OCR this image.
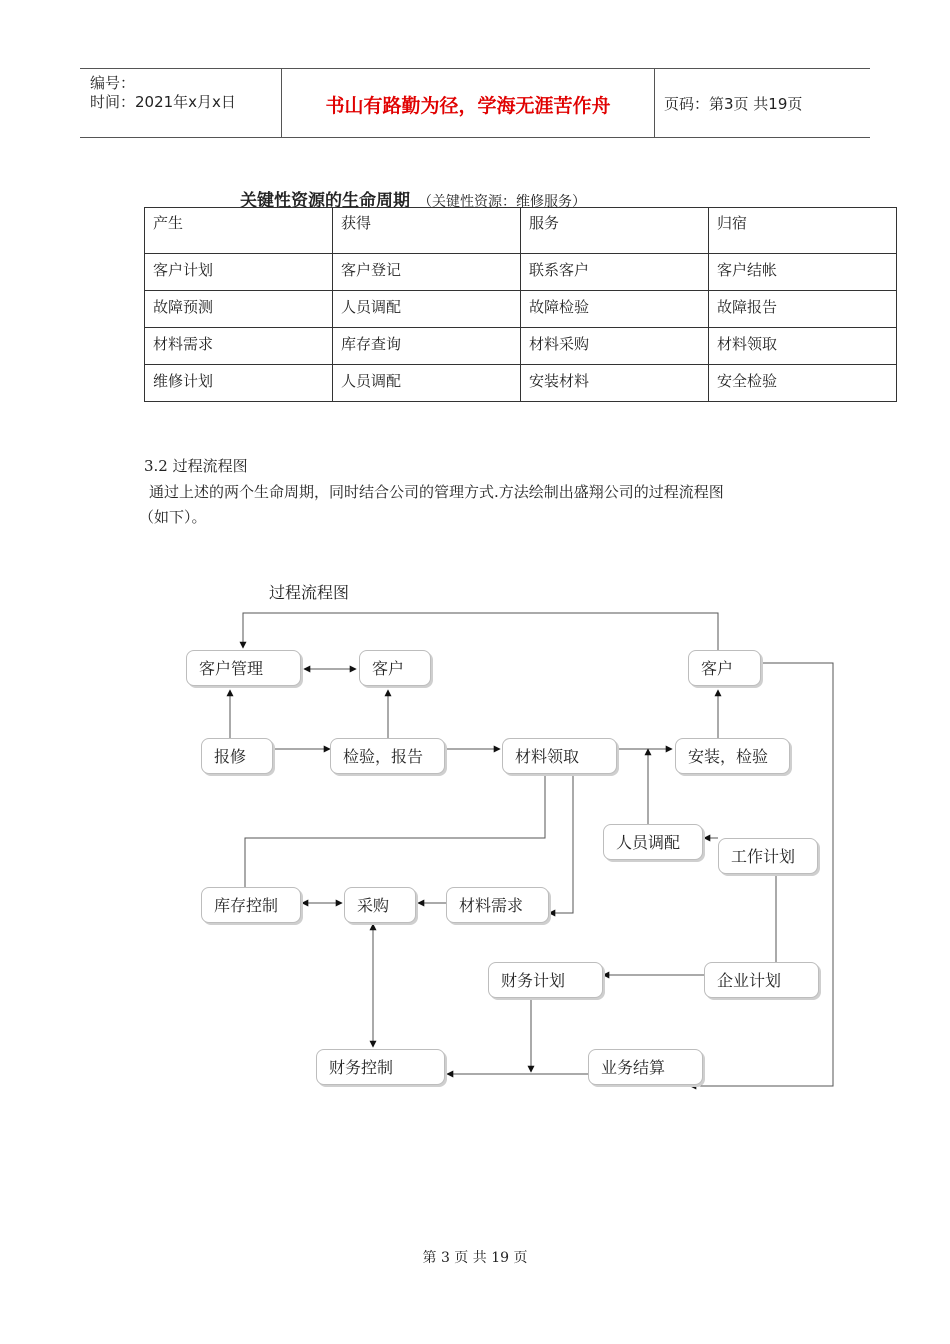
编号：
时间：2021年x月x日	书山有路勤为径，学海无涯苦作舟	页码：第3页 共19页
关键性资源的生命周期 （关键性资源：维修服务）
产生	获得	服务	归宿
客户计划	客户登记	联系客户	客户结帐
故障预测	人员调配	故障检验	故障报告
材料需求	库存查询	材料采购	材料领取
维修计划	人员调配	安装材料	安全检验
3.2 过程流程图
通过上述的两个生命周期，同时结合公司的管理方式.方法绘制出盛翔公司的过程流程图
（如下）。
过程流程图
客户管理	客户	客户
报修	检验，报告	材料领取	安装，检验
人员调配
工作计划
库存控制	采购	材料需求
财务计划	企业计划
财务控制	业务结算
第 3 页 共 19 页
